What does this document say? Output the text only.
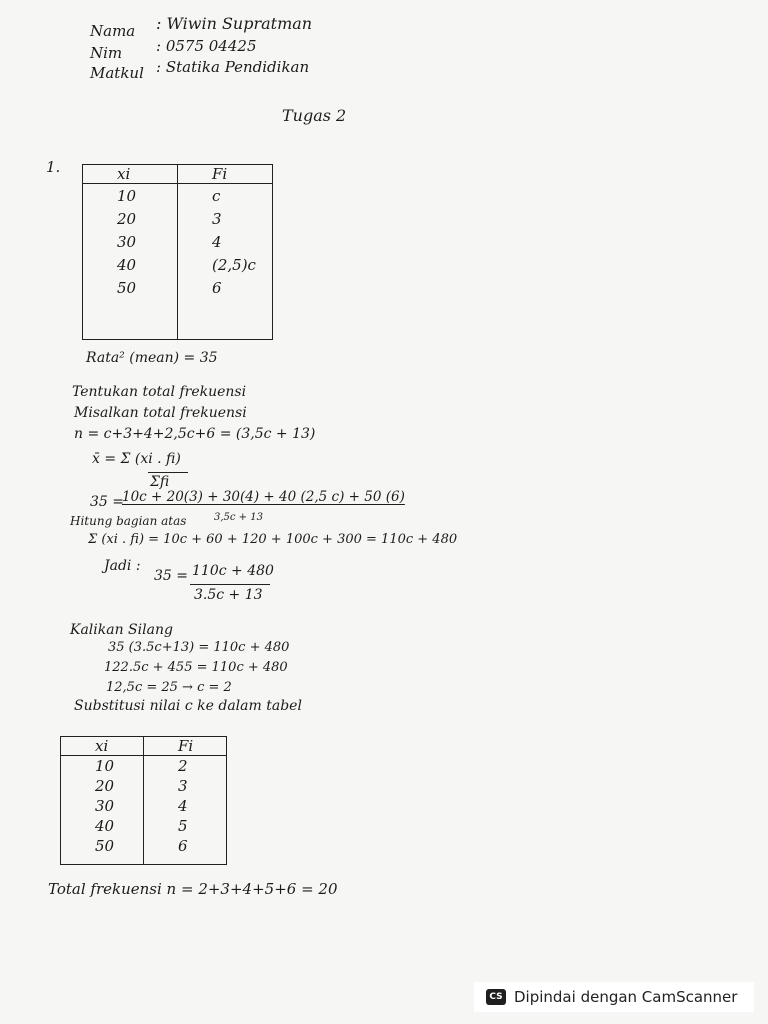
Nama : Wiwin Supratman
Nim : 0575 04425
Matkul : Statika Pendidikan
Tugas 2
1.	xi	Fi
10	c
20	3
30	4
40	(2,5)c
50	6

Rata² (mean) = 35
Tentukan total frekuensi
Misalkan total frekuensi
n = c+3+4+2,5c+6 = (3,5c + 13)
x̄ = Σ (xi . fi)
Σfi
35 =
10c + 20(3) + 30(4) + 40 (2,5 c) + 50 (6)
3,5c + 13
Hitung bagian atas
Σ (xi . fi) = 10c + 60 + 120 + 100c + 300 = 110c + 480
Jadi :
35 = 110c + 480
3.5c + 13
Kalikan Silang
35 (3.5c+13) = 110c + 480
122.5c + 455 = 110c + 480
12,5c = 25 → c = 2
Substitusi nilai c ke dalam tabel
xi	Fi
10	2
20	3
30	4
40	5
50	6

Total frekuensi n = 2+3+4+5+6 = 20
CS Dipindai dengan CamScanner
